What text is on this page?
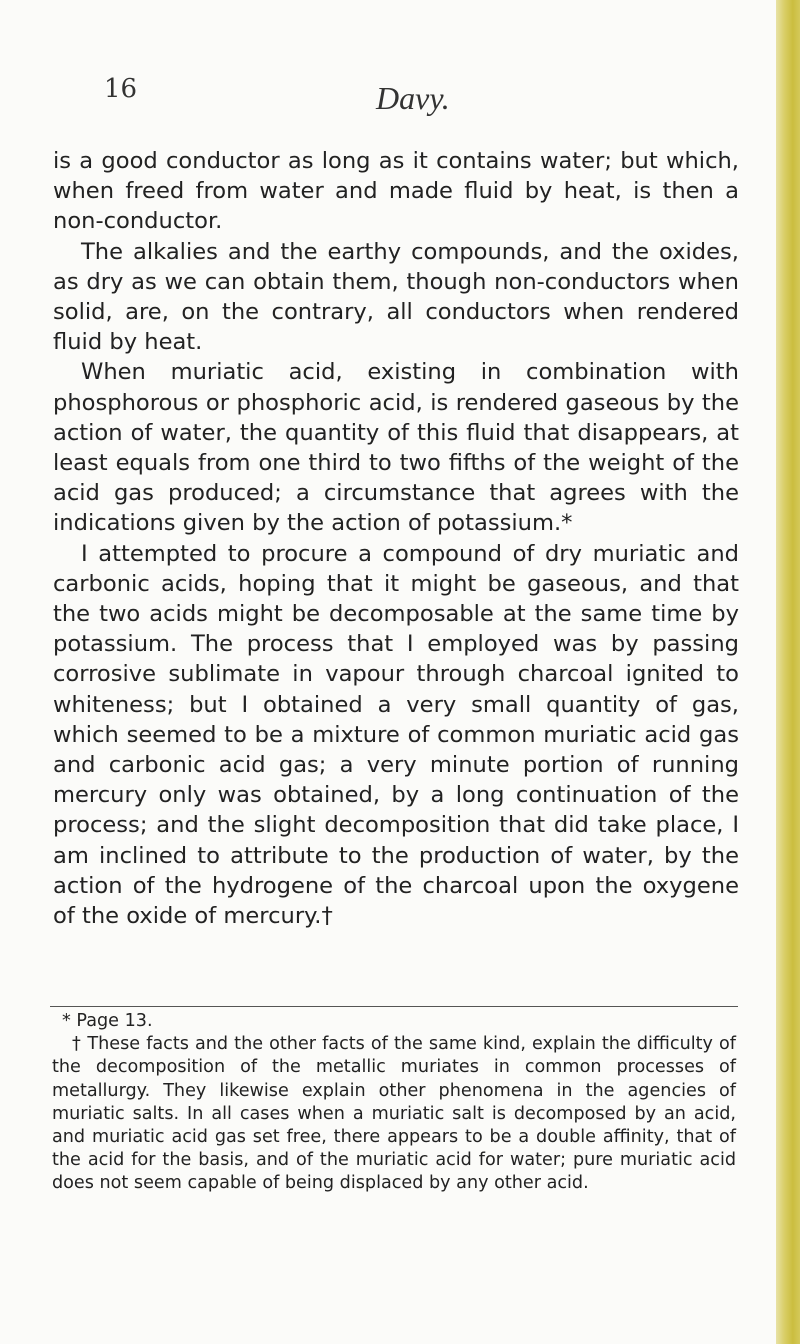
16	Davy.

is a good conductor as long as it contains water; but which, when freed from water and made fluid by heat, is then a non-conductor.

The alkalies and the earthy compounds, and the oxides, as dry as we can obtain them, though non-conductors when solid, are, on the contrary, all conductors when rendered fluid by heat.

When muriatic acid, existing in combination with phosphorous or phosphoric acid, is rendered gaseous by the action of water, the quantity of this fluid that disappears, at least equals from one third to two fifths of the weight of the acid gas produced; a circumstance that agrees with the indications given by the action of potassium.*

I attempted to procure a compound of dry muriatic and carbonic acids, hoping that it might be gaseous, and that the two acids might be decomposable at the same time by potassium. The process that I employed was by passing corrosive sublimate in vapour through charcoal ignited to whiteness; but I obtained a very small quantity of gas, which seemed to be a mixture of common muriatic acid gas and carbonic acid gas; a very minute portion of running mercury only was obtained, by a long continuation of the process; and the slight decomposition that did take place, I am inclined to attribute to the production of water, by the action of the hydrogene of the charcoal upon the oxygene of the oxide of mercury.†

* Page 13.

† These facts and the other facts of the same kind, explain the difficulty of the decomposition of the metallic muriates in common processes of metallurgy. They likewise explain other phenomena in the agencies of muriatic salts. In all cases when a muriatic salt is decomposed by an acid, and muriatic acid gas set free, there appears to be a double affinity, that of the acid for the basis, and of the muriatic acid for water; pure muriatic acid does not seem capable of being displaced by any other acid.
